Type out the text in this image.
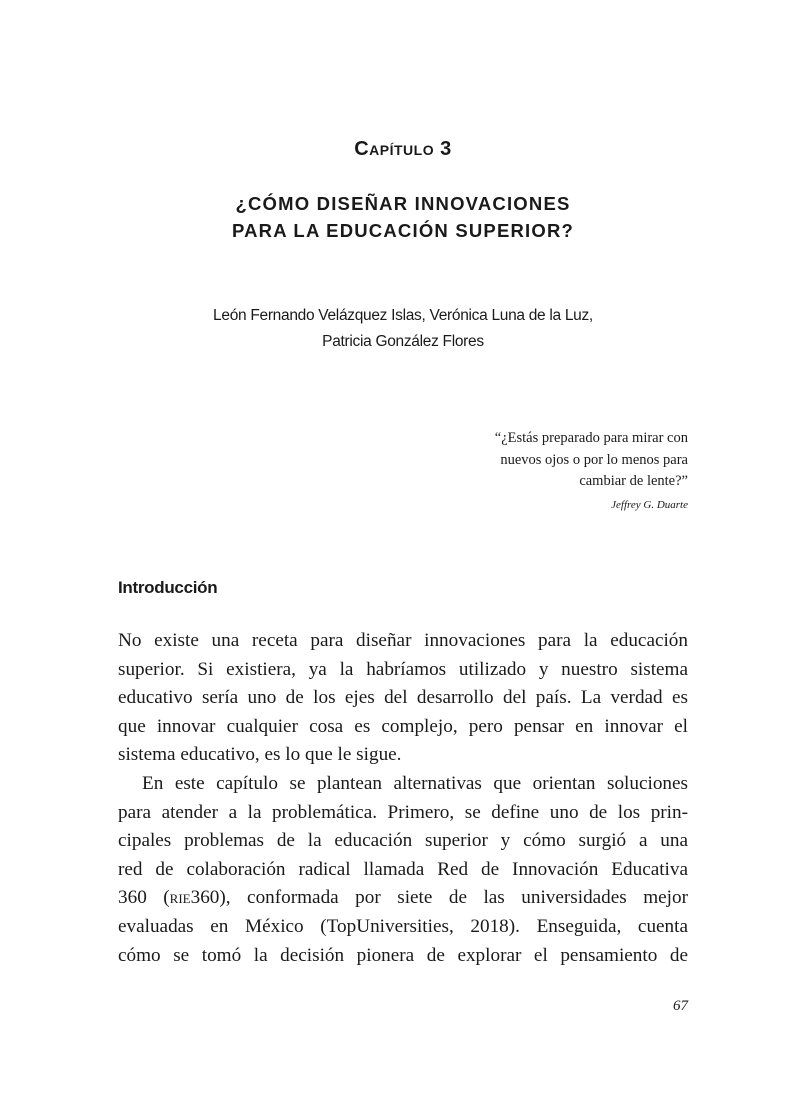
Capítulo 3
¿CÓMO DISEÑAR INNOVACIONES
PARA LA EDUCACIÓN SUPERIOR?
León Fernando Velázquez Islas, Verónica Luna de la Luz,
Patricia González Flores
“¿Estás preparado para mirar con
nuevos ojos o por lo menos para
cambiar de lente?”
Jeffrey G. Duarte
Introducción
No existe una receta para diseñar innovaciones para la educación
superior. Si existiera, ya la habríamos utilizado y nuestro sistema
educativo sería uno de los ejes del desarrollo del país. La verdad es
que innovar cualquier cosa es complejo, pero pensar en innovar el
sistema educativo, es lo que le sigue.
En este capítulo se plantean alternativas que orientan soluciones
para atender a la problemática. Primero, se define uno de los prin-
cipales problemas de la educación superior y cómo surgió a una
red de colaboración radical llamada Red de Innovación Educativa
360 (rie360), conformada por siete de las universidades mejor
evaluadas en México (TopUniversities, 2018). Enseguida, cuenta
cómo se tomó la decisión pionera de explorar el pensamiento de
67
